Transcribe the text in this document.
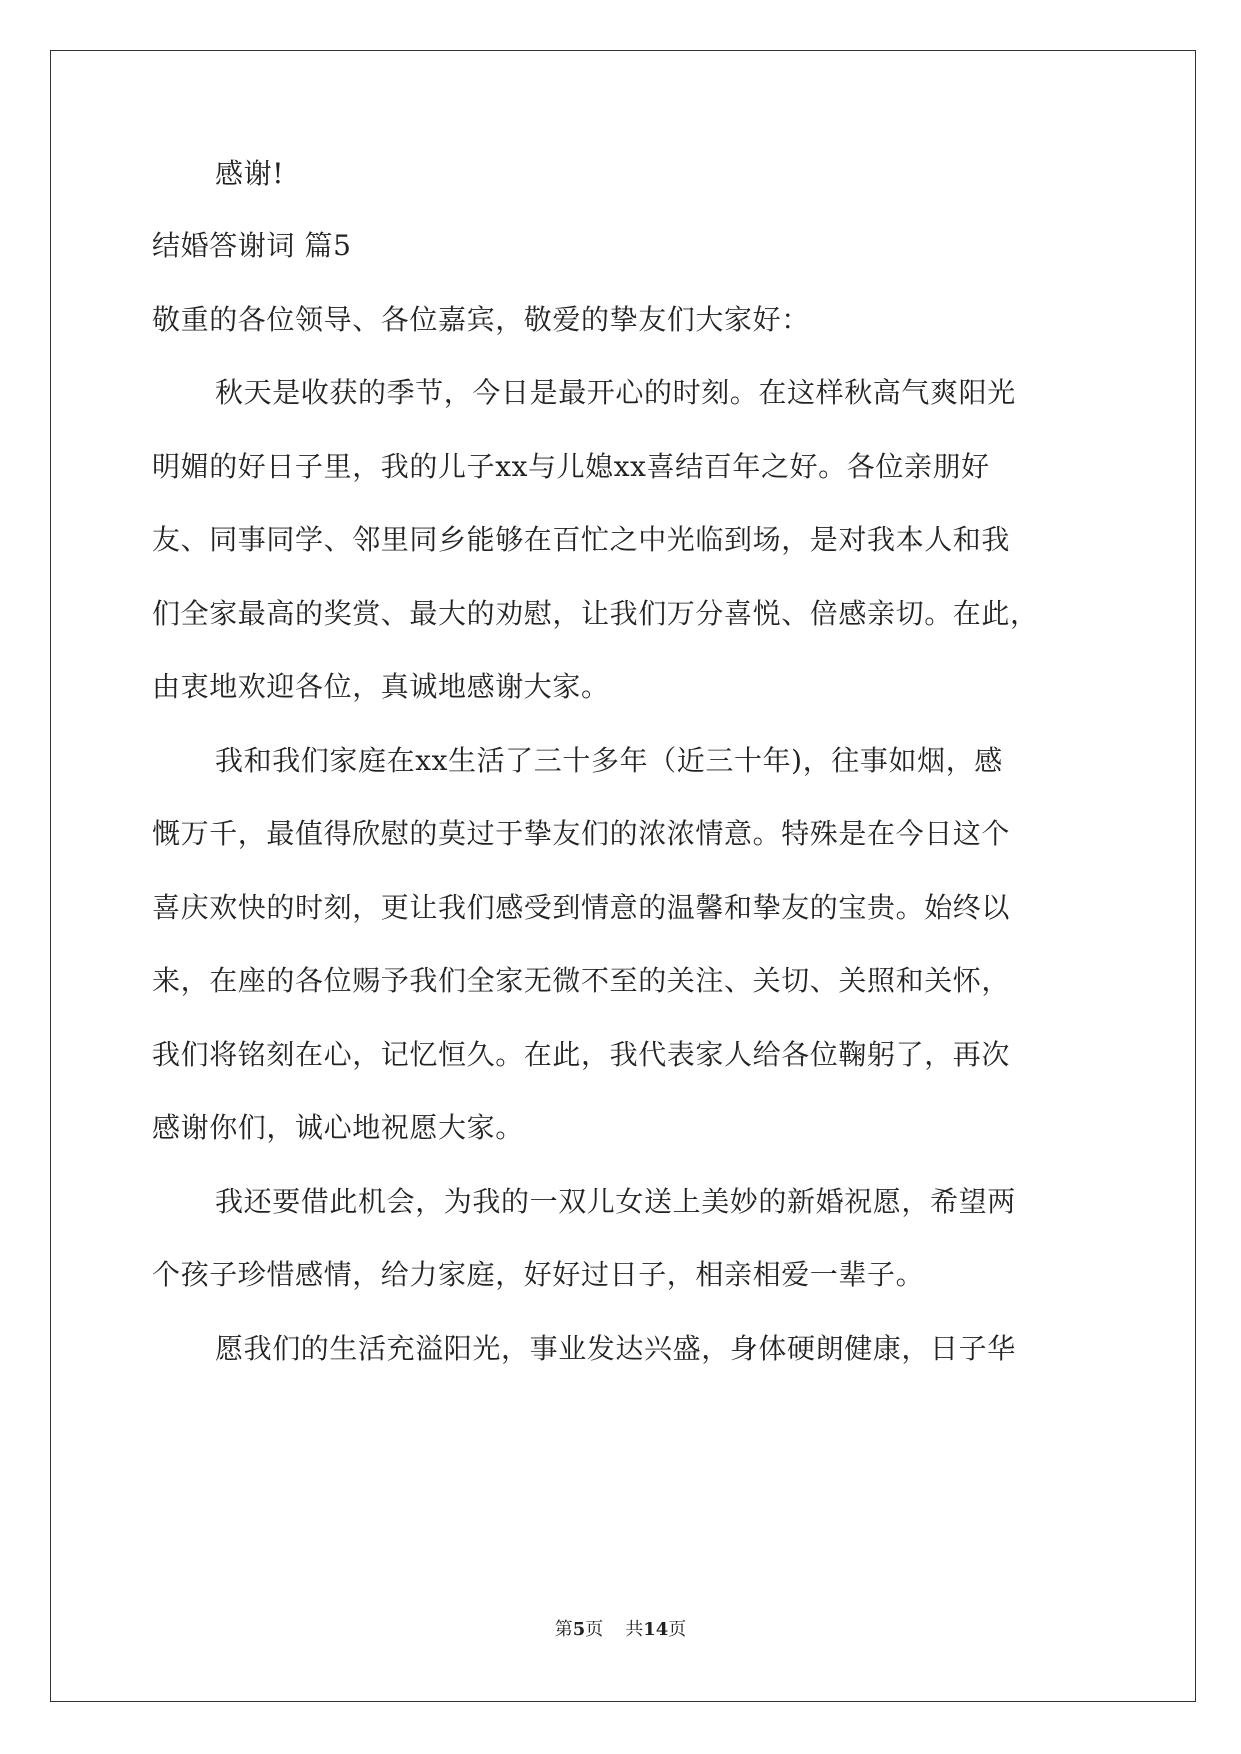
感谢!
结婚答谢词 篇5
敬重的各位领导、各位嘉宾，敬爱的挚友们大家好：
秋天是收获的季节，今日是最开心的时刻。在这样秋高气爽阳光
明媚的好日子里，我的儿子xx与儿媳xx喜结百年之好。各位亲朋好
友、同事同学、邻里同乡能够在百忙之中光临到场，是对我本人和我
们全家最高的奖赏、最大的劝慰，让我们万分喜悦、倍感亲切。在此，
由衷地欢迎各位，真诚地感谢大家。
我和我们家庭在xx生活了三十多年（近三十年)，往事如烟，感
慨万千，最值得欣慰的莫过于挚友们的浓浓情意。特殊是在今日这个
喜庆欢快的时刻，更让我们感受到情意的温馨和挚友的宝贵。始终以
来，在座的各位赐予我们全家无微不至的关注、关切、关照和关怀，
我们将铭刻在心，记忆恒久。在此，我代表家人给各位鞠躬了，再次
感谢你们，诚心地祝愿大家。
我还要借此机会，为我的一双儿女送上美妙的新婚祝愿，希望两
个孩子珍惜感情，给力家庭，好好过日子，相亲相爱一辈子。
愿我们的生活充溢阳光，事业发达兴盛，身体硬朗健康，日子华
第5页 共14页
